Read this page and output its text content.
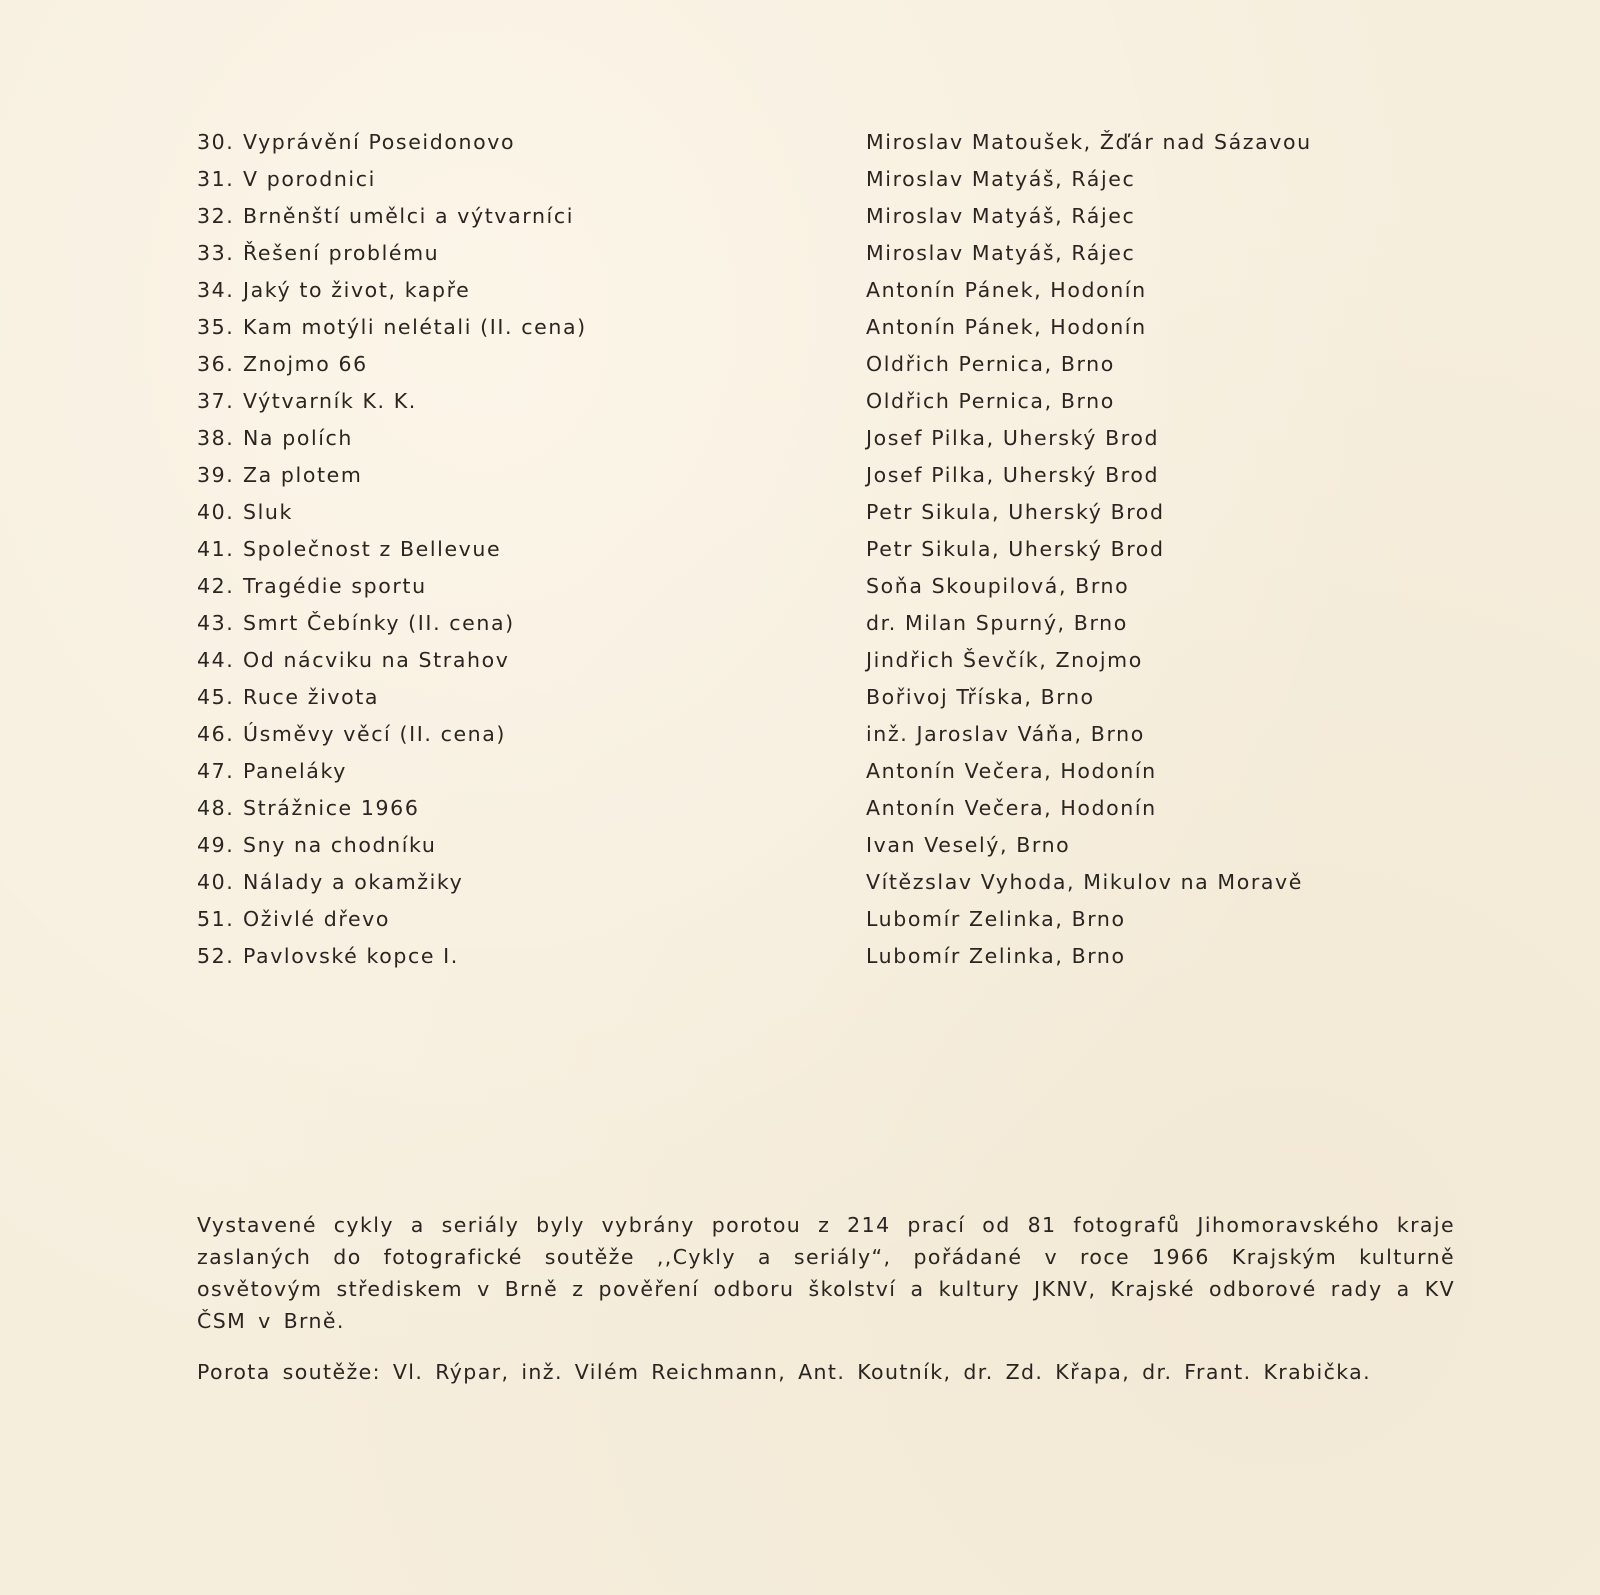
30. Vyprávění Poseidonovo	Miroslav Matoušek, Žďár nad Sázavou
31. V porodnici	Miroslav Matyáš, Rájec
32. Brněnští umělci a výtvarníci	Miroslav Matyáš, Rájec
33. Řešení problému	Miroslav Matyáš, Rájec
34. Jaký to život, kapře	Antonín Pánek, Hodonín
35. Kam motýli nelétali (II. cena)	Antonín Pánek, Hodonín
36. Znojmo 66	Oldřich Pernica, Brno
37. Výtvarník K. K.	Oldřich Pernica, Brno
38. Na polích	Josef Pilka, Uherský Brod
39. Za plotem	Josef Pilka, Uherský Brod
40. Sluk	Petr Sikula, Uherský Brod
41. Společnost z Bellevue	Petr Sikula, Uherský Brod
42. Tragédie sportu	Soňa Skoupilová, Brno
43. Smrt Čebínky (II. cena)	dr. Milan Spurný, Brno
44. Od nácviku na Strahov	Jindřich Ševčík, Znojmo
45. Ruce života	Bořivoj Tříska, Brno
46. Úsměvy věcí (II. cena)	inž. Jaroslav Váňa, Brno
47. Paneláky	Antonín Večera, Hodonín
48. Strážnice 1966	Antonín Večera, Hodonín
49. Sny na chodníku	Ivan Veselý, Brno
40. Nálady a okamžiky	Vítězslav Vyhoda, Mikulov na Moravě
51. Oživlé dřevo	Lubomír Zelinka, Brno
52. Pavlovské kopce I.	Lubomír Zelinka, Brno

Vystavené cykly a seriály byly vybrány porotou z 214 prací od 81 fotografů Jihomoravského kraje zaslaných do fotografické soutěže ,,Cykly a seriály“, pořádané v roce 1966 Krajským kulturně osvětovým střediskem v Brně z pověření odboru školství a kultury JKNV, Krajské odborové rady a KV ČSM v Brně.

Porota soutěže: Vl. Rýpar, inž. Vilém Reichmann, Ant. Koutník, dr. Zd. Křapa, dr. Frant. Krabička.
